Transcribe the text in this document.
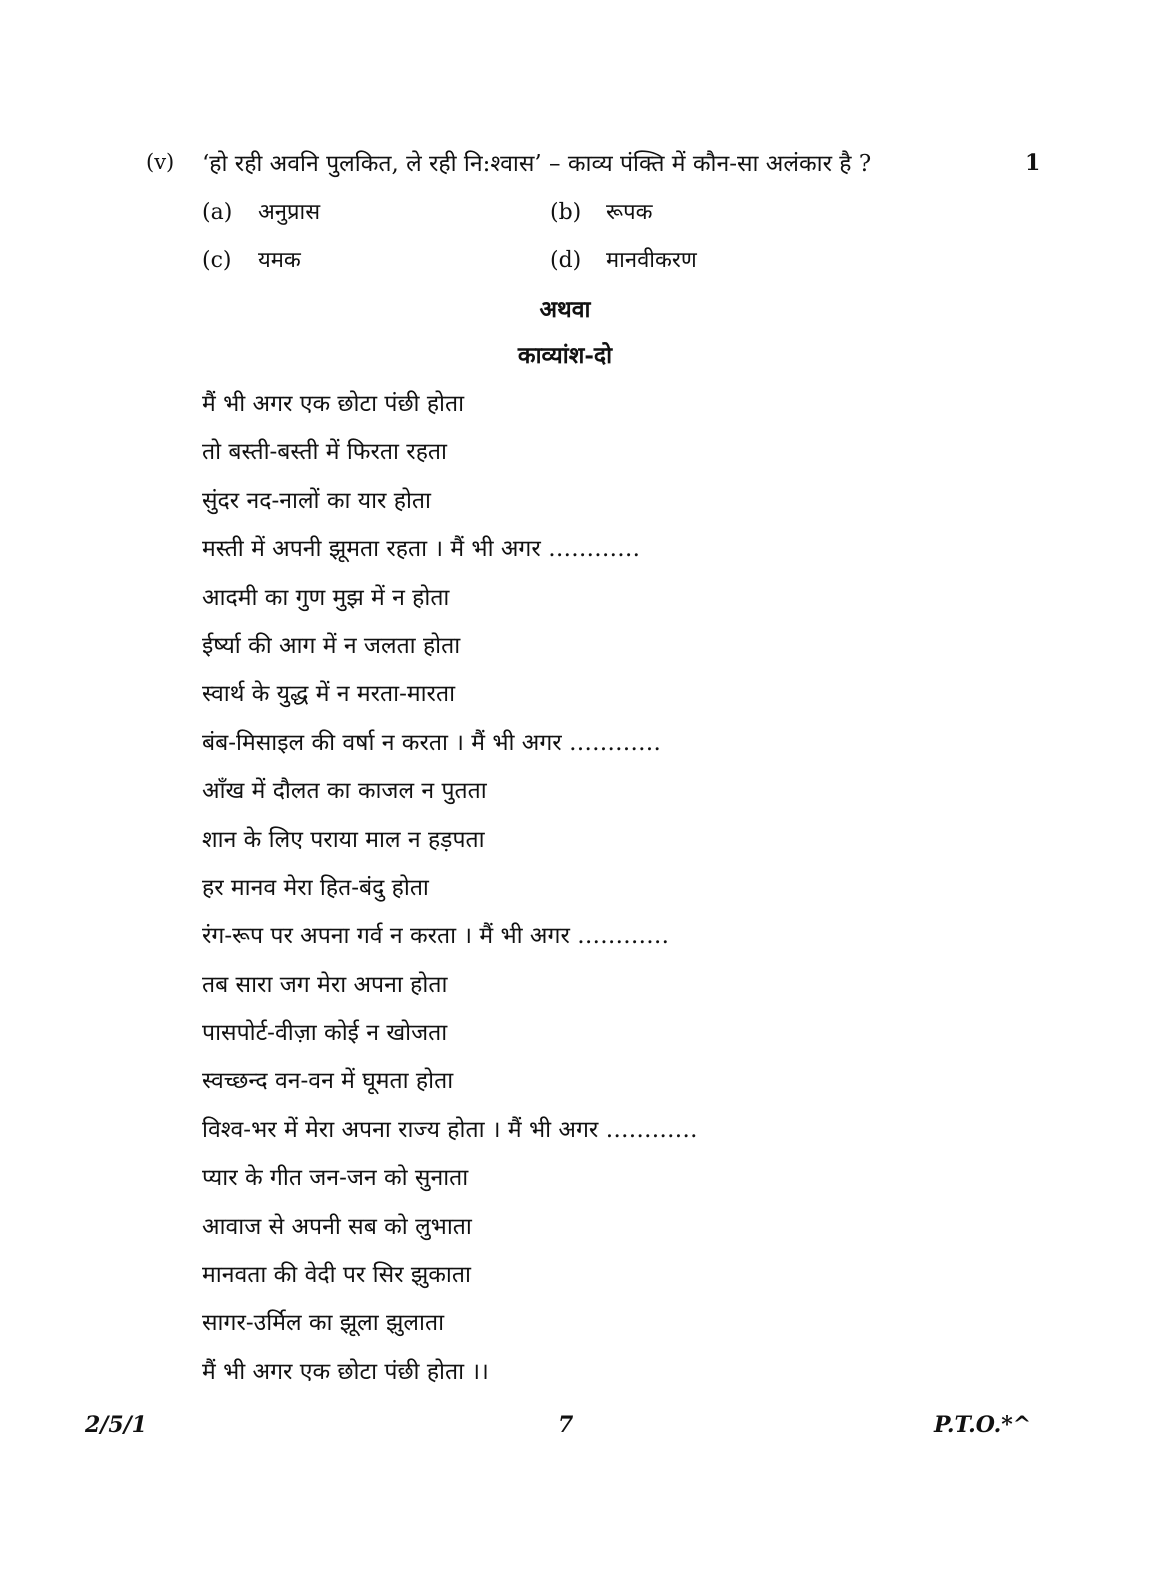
(v) ‘हो रही अवनि पुलकित, ले रही नि:श्वास’ – काव्य पंक्ति में कौन-सा अलंकार है ?	1
(a) अनुप्रास	(b) रूपक
(c) यमक	(d) मानवीकरण
अथवा
काव्यांश-दो
मैं भी अगर एक छोटा पंछी होता
तो बस्ती-बस्ती में फिरता रहता
सुंदर नद-नालों का यार होता
मस्ती में अपनी झूमता रहता । मैं भी अगर …………
आदमी का गुण मुझ में न होता
ईर्ष्या की आग में न जलता होता
स्वार्थ के युद्ध में न मरता-मारता
बंब-मिसाइल की वर्षा न करता । मैं भी अगर …………
आँख में दौलत का काजल न पुतता
शान के लिए पराया माल न हड़पता
हर मानव मेरा हित-बंदु होता
रंग-रूप पर अपना गर्व न करता । मैं भी अगर …………
तब सारा जग मेरा अपना होता
पासपोर्ट-वीज़ा कोई न खोजता
स्वच्छन्द वन-वन में घूमता होता
विश्व-भर में मेरा अपना राज्य होता । मैं भी अगर …………
प्यार के गीत जन-जन को सुनाता
आवाज से अपनी सब को लुभाता
मानवता की वेदी पर सिर झुकाता
सागर-उर्मिल का झूला झुलाता
मैं भी अगर एक छोटा पंछी होता ।।
2/5/1	7	P.T.O.*^
